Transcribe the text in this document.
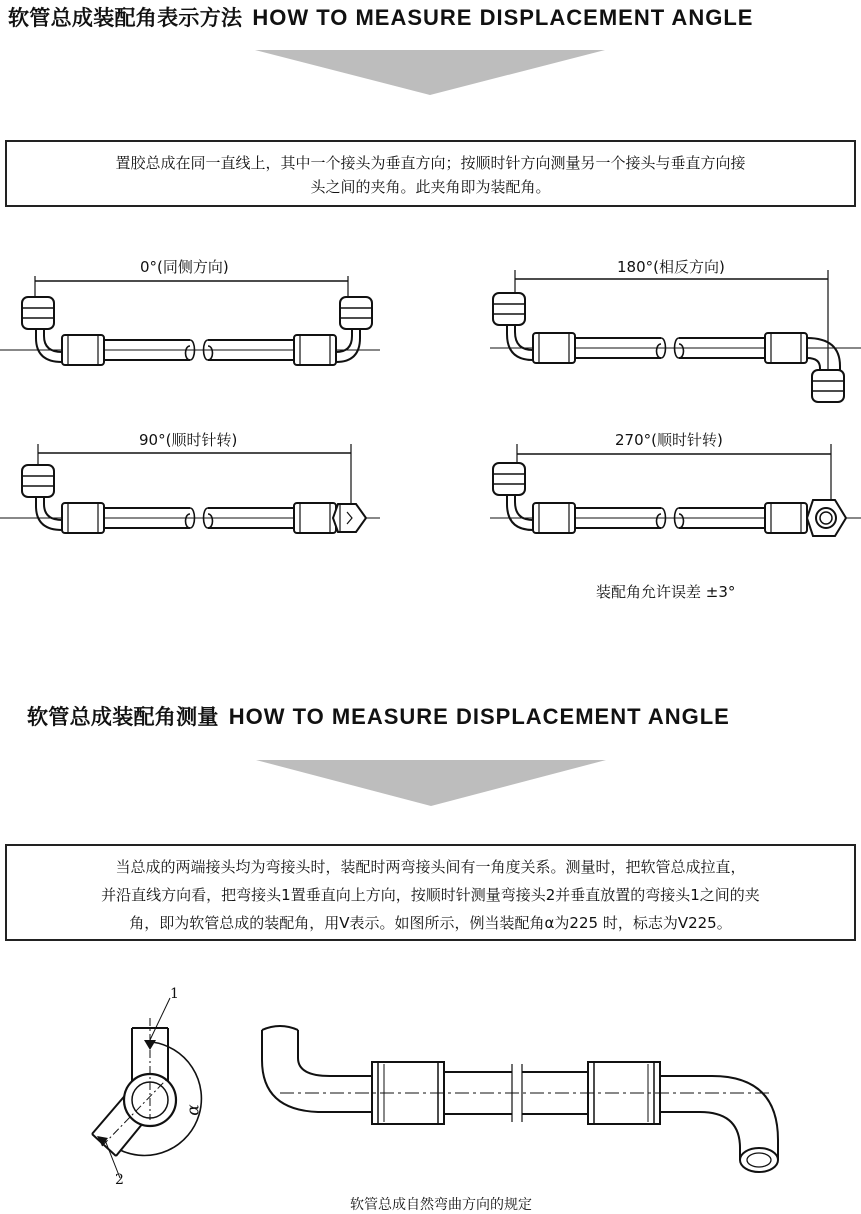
软管总成装配角表示方法 HOW TO MEASURE DISPLACEMENT ANGLE

置胶总成在同一直线上，其中一个接头为垂直方向；按顺时针方向测量另一个接头与垂直方向接

头之间的夹角。此夹角即为装配角。

0°(同侧方向)	180°(相反方向)
90°(顺时针转)	270°(顺时针转)
装配角允许误差 ±3°
软管总成装配角测量 HOW TO MEASURE DISPLACEMENT ANGLE

当总成的两端接头均为弯接头时，装配时两弯接头间有一角度关系。测量时，把软管总成拉直，

并沿直线方向看，把弯接头1置垂直向上方向，按顺时针测量弯接头2并垂直放置的弯接头1之间的夹

角，即为软管总成的装配角，用V表示。如图所示，例当装配角α为225 时，标志为V225。

1
2
α
软管总成自然弯曲方向的规定
